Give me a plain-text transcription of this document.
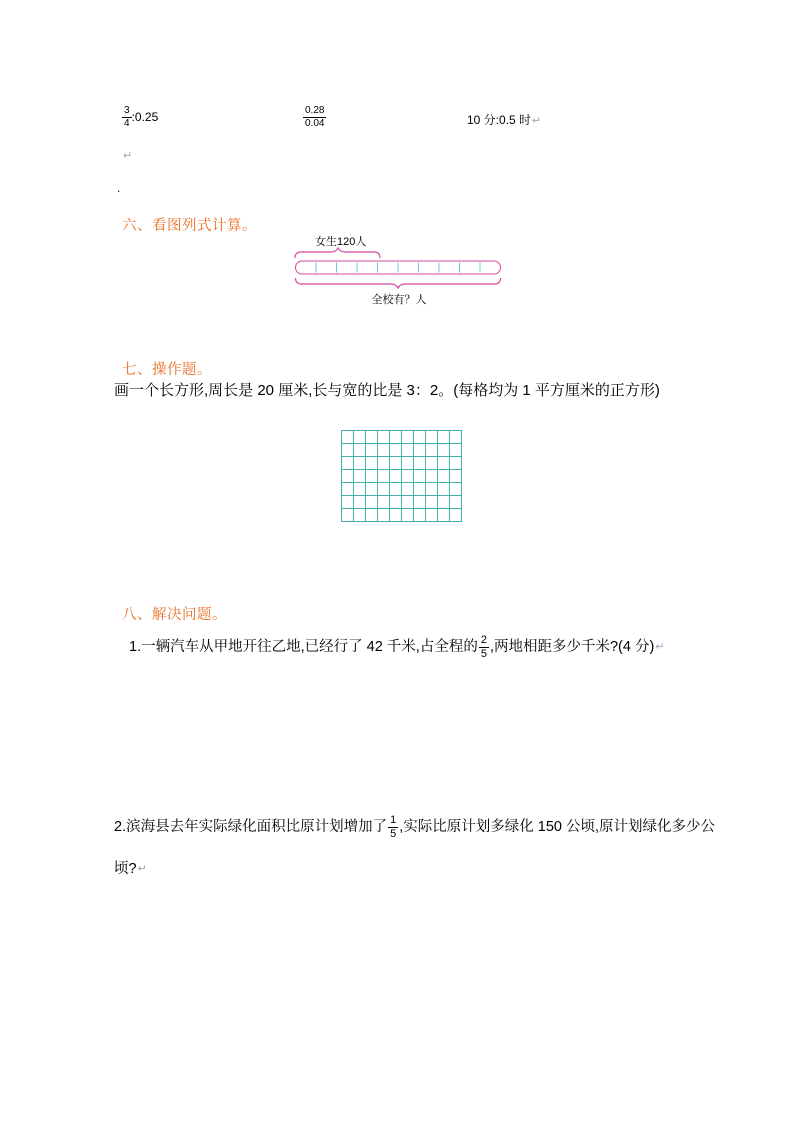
$\frac{3}{4}$ :0.25	$\frac{0.28}{0.04}$	10 分:0.5 时↵
↵
.
六、看图列式计算。
女生120人
全校有？人
七、操作题。
画一个长方形,周长是 20 厘米,长与宽的比是 3：2。(每格均为 1 平方厘米的正方形)
八、解决问题。
1.一辆汽车从甲地开往乙地,已经行了 42 千米,占全程的 $\frac{2}{5}$ ,两地相距多少千米?(4 分)↵
2.滨海县去年实际绿化面积比原计划增加了 $\frac{1}{5}$ ,实际比原计划多绿化 150 公顷,原计划绿化多少公顷?↵
